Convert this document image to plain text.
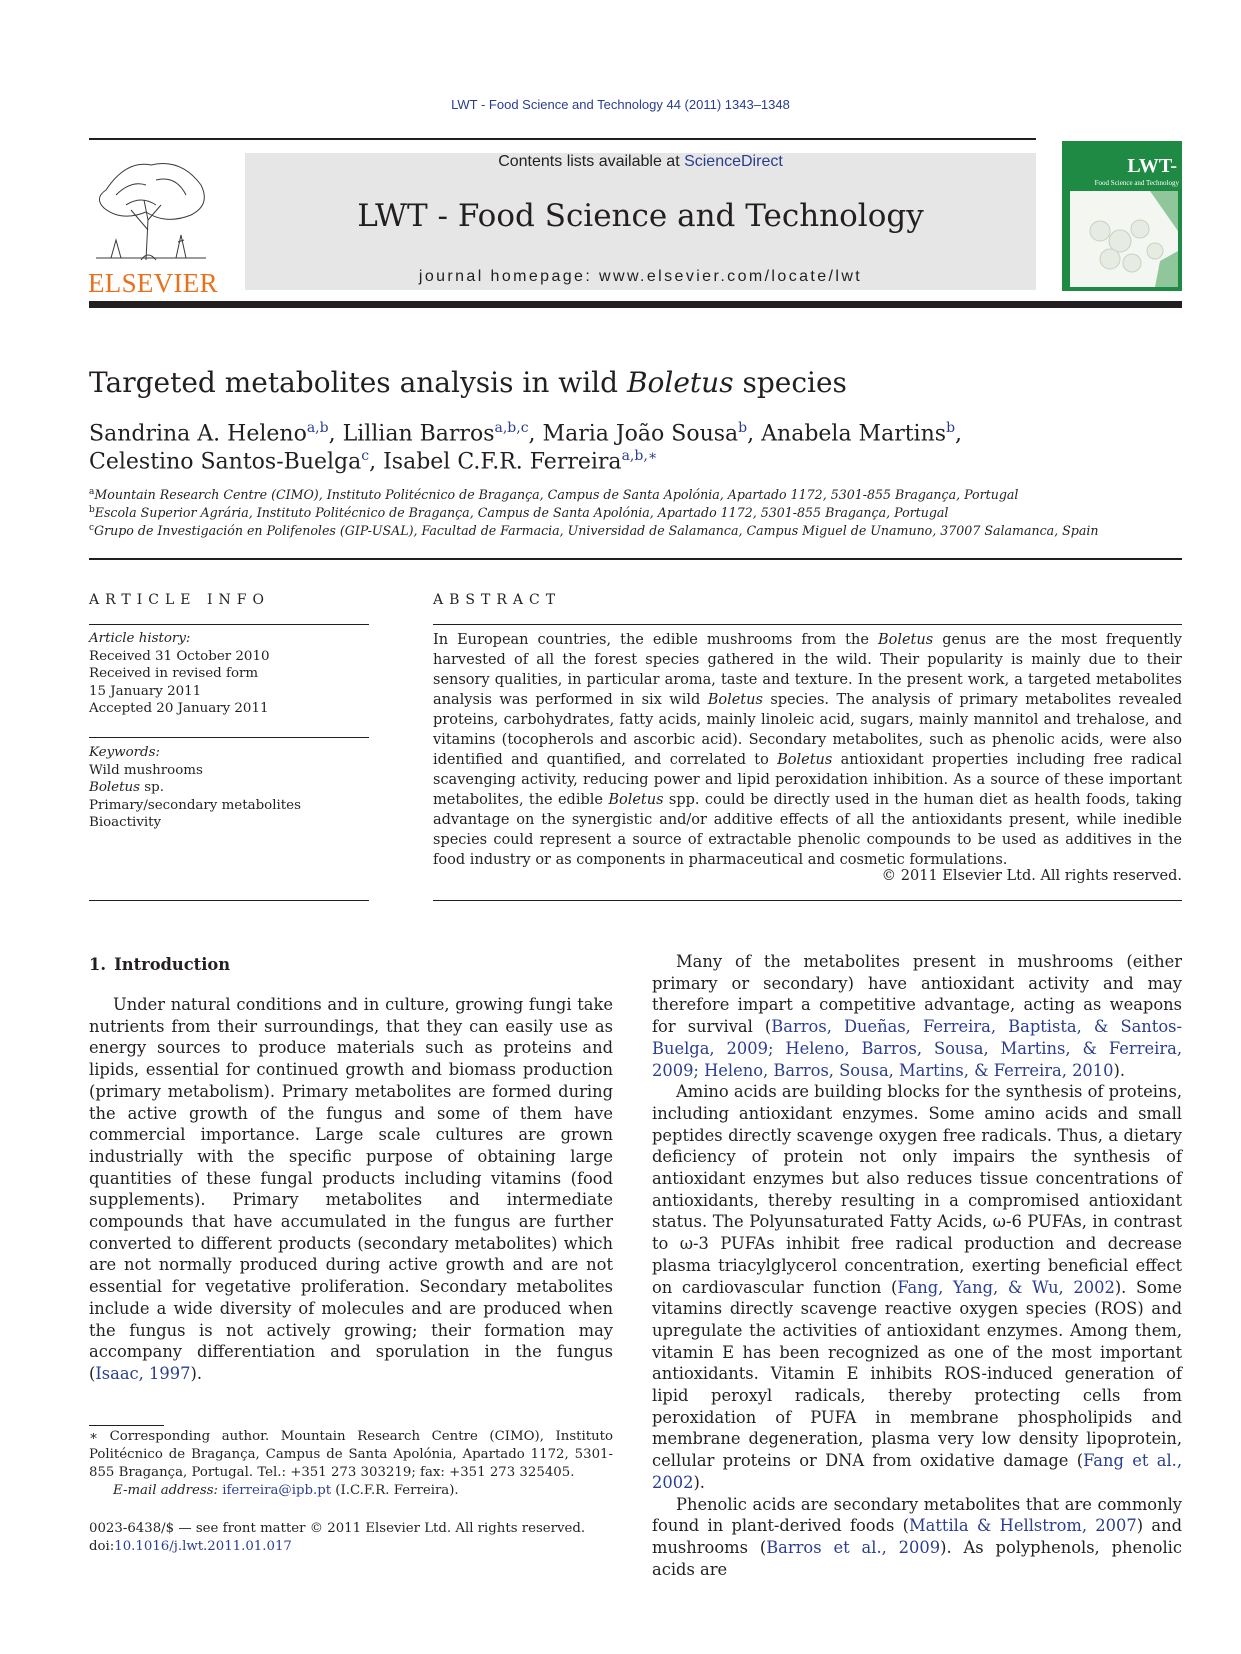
LWT - Food Science and Technology 44 (2011) 1343–1348
ELSEVIER
Contents lists available at ScienceDirect
LWT - Food Science and Technology
journal homepage: www.elsevier.com/locate/lwt
LWT-
Food Science and Technology
Targeted metabolites analysis in wild Boletus species
Sandrina A. Heleno$^{a,b}$, Lillian Barros$^{a,b,c}$, Maria João Sousa$^b$, Anabela Martins$^b$,
Celestino Santos-Buelga$^c$, Isabel C.F.R. Ferreira$^{a,b,∗}$
$^a$Mountain Research Centre (CIMO), Instituto Politécnico de Bragança, Campus de Santa Apolónia, Apartado 1172, 5301-855 Bragança, Portugal
$^b$Escola Superior Agrária, Instituto Politécnico de Bragança, Campus de Santa Apolónia, Apartado 1172, 5301-855 Bragança, Portugal
$^c$Grupo de Investigación en Polifenoles (GIP-USAL), Facultad de Farmacia, Universidad de Salamanca, Campus Miguel de Unamuno, 37007 Salamanca, Spain
ARTICLE INFO	ABSTRACT
Article history:
Received 31 October 2010
Received in revised form
15 January 2011
Accepted 20 January 2011
Keywords:
Wild mushrooms
Boletus sp.
Primary/secondary metabolites
Bioactivity
In European countries, the edible mushrooms from the Boletus genus are the most frequently harvested of all the forest species gathered in the wild. Their popularity is mainly due to their sensory qualities, in particular aroma, taste and texture. In the present work, a targeted metabolites analysis was performed in six wild Boletus species. The analysis of primary metabolites revealed proteins, carbohydrates, fatty acids, mainly linoleic acid, sugars, mainly mannitol and trehalose, and vitamins (tocopherols and ascorbic acid). Secondary metabolites, such as phenolic acids, were also identified and quantified, and correlated to Boletus antioxidant properties including free radical scavenging activity, reducing power and lipid peroxidation inhibition. As a source of these important metabolites, the edible Boletus spp. could be directly used in the human diet as health foods, taking advantage on the synergistic and/or additive effects of all the antioxidants present, while inedible species could represent a source of extractable phenolic compounds to be used as additives in the food industry or as components in pharmaceutical and cosmetic formulations.
© 2011 Elsevier Ltd. All rights reserved.
1. Introduction

Under natural conditions and in culture, growing fungi take nutrients from their surroundings, that they can easily use as energy sources to produce materials such as proteins and lipids, essential for continued growth and biomass production (primary metabolism). Primary metabolites are formed during the active growth of the fungus and some of them have commercial importance. Large scale cultures are grown industrially with the specific purpose of obtaining large quantities of these fungal products including vitamins (food supplements). Primary metabolites and intermediate compounds that have accumulated in the fungus are further converted to different products (secondary metabolites) which are not normally produced during active growth and are not essential for vegetative proliferation. Secondary metabolites include a wide diversity of molecules and are produced when the fungus is not actively growing; their formation may accompany differentiation and sporulation in the fungus (Isaac, 1997).

Many of the metabolites present in mushrooms (either primary or secondary) have antioxidant activity and may therefore impart a competitive advantage, acting as weapons for survival (Barros, Dueñas, Ferreira, Baptista, & Santos-Buelga, 2009; Heleno, Barros, Sousa, Martins, & Ferreira, 2009; Heleno, Barros, Sousa, Martins, & Ferreira, 2010).

Amino acids are building blocks for the synthesis of proteins, including antioxidant enzymes. Some amino acids and small peptides directly scavenge oxygen free radicals. Thus, a dietary deficiency of protein not only impairs the synthesis of antioxidant enzymes but also reduces tissue concentrations of antioxidants, thereby resulting in a compromised antioxidant status. The Polyunsaturated Fatty Acids, ω-6 PUFAs, in contrast to ω-3 PUFAs inhibit free radical production and decrease plasma triacylglycerol concentration, exerting beneficial effect on cardiovascular function (Fang, Yang, & Wu, 2002). Some vitamins directly scavenge reactive oxygen species (ROS) and upregulate the activities of antioxidant enzymes. Among them, vitamin E has been recognized as one of the most important antioxidants. Vitamin E inhibits ROS-induced generation of lipid peroxyl radicals, thereby protecting cells from peroxidation of PUFA in membrane phospholipids and membrane degeneration, plasma very low density lipoprotein, cellular proteins or DNA from oxidative damage (Fang et al., 2002).

Phenolic acids are secondary metabolites that are commonly found in plant-derived foods (Mattila & Hellstrom, 2007) and mushrooms (Barros et al., 2009). As polyphenols, phenolic acids are

∗ Corresponding author. Mountain Research Centre (CIMO), Instituto Politécnico de Bragança, Campus de Santa Apolónia, Apartado 1172, 5301-855 Bragança, Portugal. Tel.: +351 273 303219; fax: +351 273 325405.
E-mail address: iferreira@ipb.pt (I.C.F.R. Ferreira).
0023-6438/$ — see front matter © 2011 Elsevier Ltd. All rights reserved.
doi:10.1016/j.lwt.2011.01.017
